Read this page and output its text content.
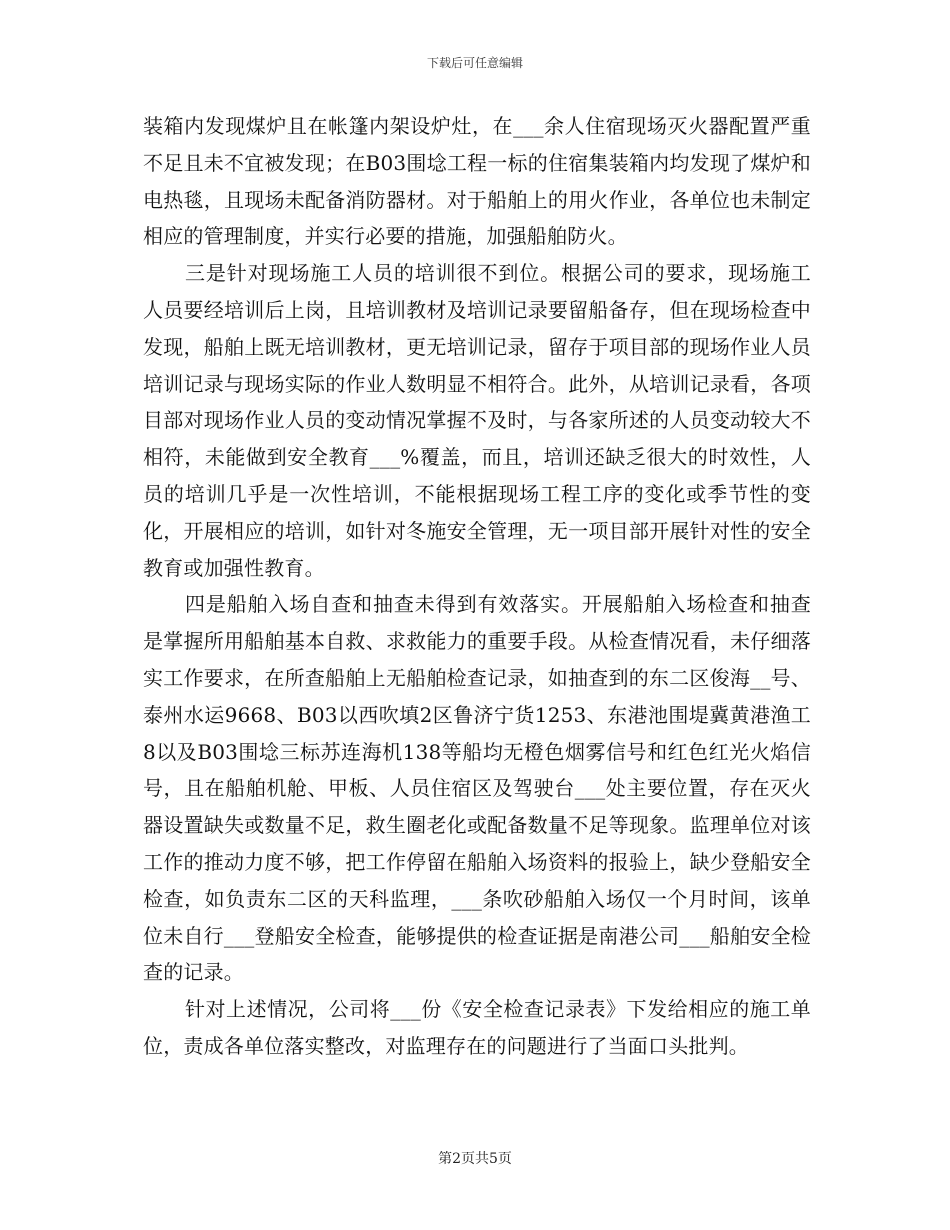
下载后可任意编辑

装箱内发现煤炉且在帐篷内架设炉灶，在___余人住宿现场灭火器配置严重不足且未不宜被发现；在B03围埝工程一标的住宿集装箱内均发现了煤炉和电热毯，且现场未配备消防器材。对于船舶上的用火作业，各单位也未制定相应的管理制度，并实行必要的措施，加强船舶防火。

三是针对现场施工人员的培训很不到位。根据公司的要求，现场施工人员要经培训后上岗，且培训教材及培训记录要留船备存，但在现场检查中发现，船舶上既无培训教材，更无培训记录，留存于项目部的现场作业人员培训记录与现场实际的作业人数明显不相符合。此外，从培训记录看，各项目部对现场作业人员的变动情况掌握不及时，与各家所述的人员变动较大不相符，未能做到安全教育___%覆盖，而且，培训还缺乏很大的时效性，人员的培训几乎是一次性培训，不能根据现场工程工序的变化或季节性的变化，开展相应的培训，如针对冬施安全管理，无一项目部开展针对性的安全教育或加强性教育。

四是船舶入场自查和抽查未得到有效落实。开展船舶入场检查和抽查是掌握所用船舶基本自救、求救能力的重要手段。从检查情况看，未仔细落实工作要求，在所查船舶上无船舶检查记录，如抽查到的东二区俊海__号、泰州水运9668、B03以西吹填2区鲁济宁货1253、东港池围堤冀黄港渔工8以及B03围埝三标苏连海机138等船均无橙色烟雾信号和红色红光火焰信号，且在船舶机舱、甲板、人员住宿区及驾驶台___处主要位置，存在灭火器设置缺失或数量不足，救生圈老化或配备数量不足等现象。监理单位对该工作的推动力度不够，把工作停留在船舶入场资料的报验上，缺少登船安全检查，如负责东二区的天科监理，___条吹砂船舶入场仅一个月时间，该单位未自行___登船安全检查，能够提供的检查证据是南港公司___船舶安全检查的记录。

针对上述情况，公司将___份《安全检查记录表》下发给相应的施工单位，责成各单位落实整改，对监理存在的问题进行了当面口头批判。

第2页共5页
